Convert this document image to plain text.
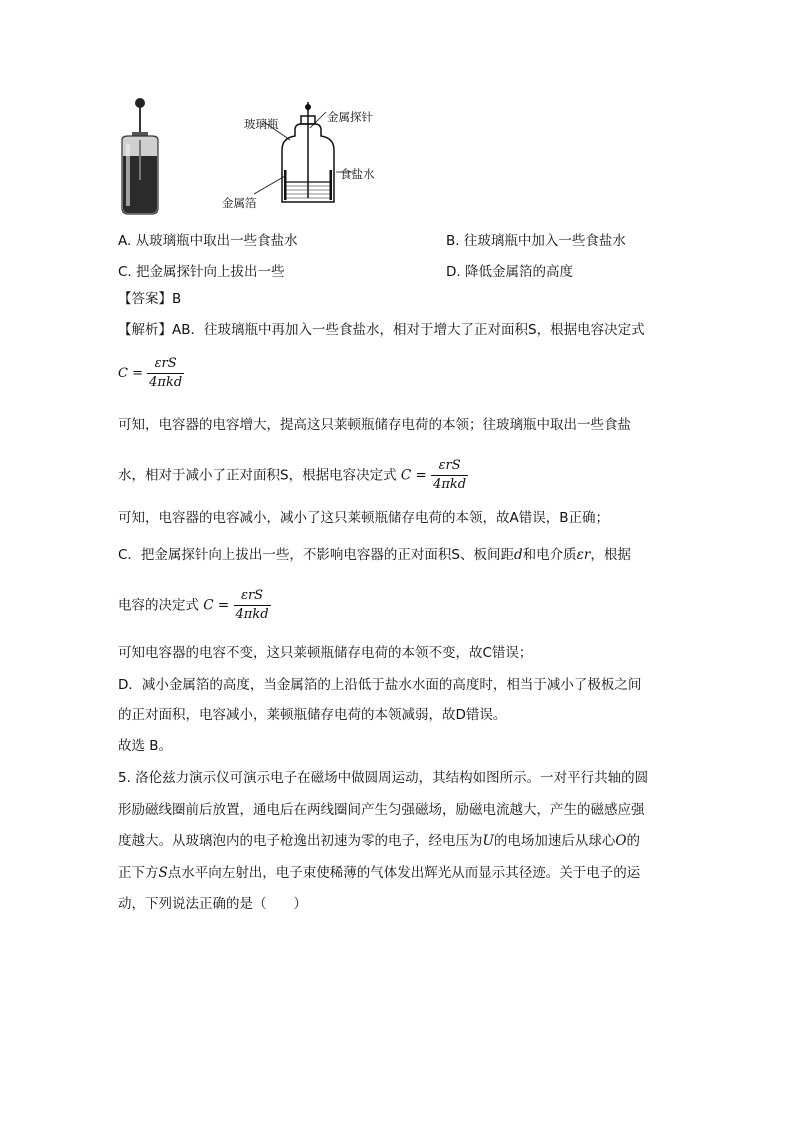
玻璃瓶	金属探针
食盐水
金属箔
A. 从玻璃瓶中取出一些食盐水	B. 往玻璃瓶中加入一些食盐水
C. 把金属探针向上拔出一些	D. 降低金属箔的高度
【答案】B
【解析】AB．往玻璃瓶中再加入一些食盐水，相对于增大了正对面积S，根据电容决定式
$C = \frac{\text{εrS}}{\text{4πkd}}$
可知，电容器的电容增大，提高这只莱顿瓶储存电荷的本领；往玻璃瓶中取出一些食盐
水，相对于减小了正对面积S，根据电容决定式 $C = \frac{\text{εrS}}{\text{4πkd}}$
可知，电容器的电容减小，减小了这只莱顿瓶储存电荷的本领，故A错误，B正确；
C．把金属探针向上拔出一些，不影响电容器的正对面积S、板间距d和电介质εr，根据
电容的决定式 $C = \frac{\text{εrS}}{\text{4πkd}}$
可知电容器的电容不变，这只莱顿瓶储存电荷的本领不变，故C错误；
D．减小金属箔的高度，当金属箔的上沿低于盐水水面的高度时，相当于减小了极板之间
的正对面积，电容减小，莱顿瓶储存电荷的本领减弱，故D错误。
故选 B。
5. 洛伦兹力演示仪可演示电子在磁场中做圆周运动，其结构如图所示。一对平行共轴的圆
形励磁线圈前后放置，通电后在两线圈间产生匀强磁场，励磁电流越大，产生的磁感应强
度越大。从玻璃泡内的电子枪逸出初速为零的电子，经电压为U的电场加速后从球心O的
正下方S点水平向左射出，电子束使稀薄的气体发出辉光从而显示其径迹。关于电子的运
动，下列说法正确的是（　　）
